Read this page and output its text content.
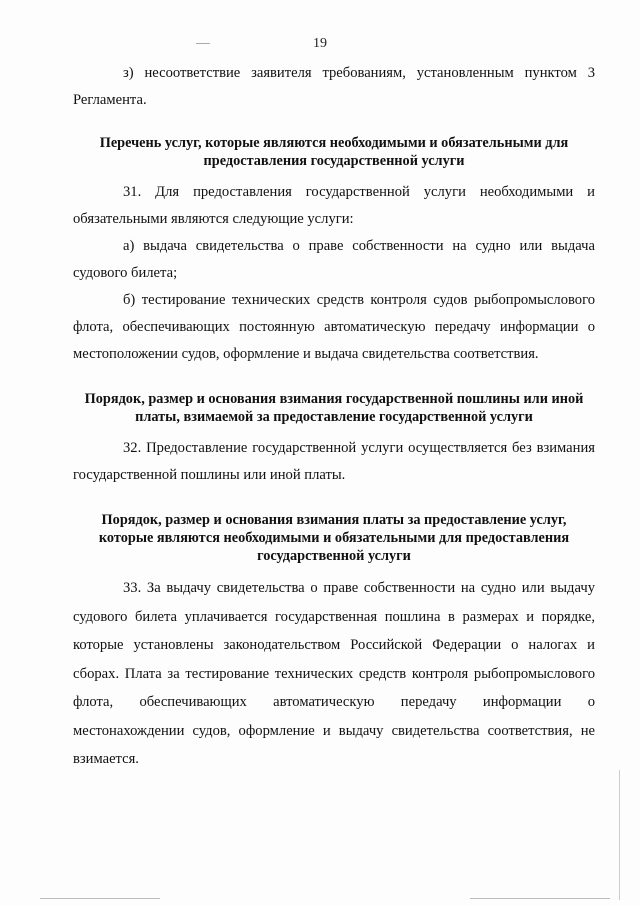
19

з) несоответствие заявителя требованиям, установленным пунктом 3 Регламента.

Перечень услуг, которые являются необходимыми и обязательными для предоставления государственной услуги

31. Для предоставления государственной услуги необходимыми и обязательными являются следующие услуги:

а) выдача свидетельства о праве собственности на судно или выдача судового билета;

б) тестирование технических средств контроля судов рыбопромыслового флота, обеспечивающих постоянную автоматическую передачу информации о местоположении судов, оформление и выдача свидетельства соответствия.

Порядок, размер и основания взимания государственной пошлины или иной платы, взимаемой за предоставление государственной услуги

32. Предоставление государственной услуги осуществляется без взимания государственной пошлины или иной платы.

Порядок, размер и основания взимания платы за предоставление услуг, которые являются необходимыми и обязательными для предоставления государственной услуги

33. За выдачу свидетельства о праве собственности на судно или выдачу судового билета уплачивается государственная пошлина в размерах и порядке, которые установлены законодательством Российской Федерации о налогах и сборах. Плата за тестирование технических средств контроля рыбопромыслового флота, обеспечивающих автоматическую передачу информации о местонахождении судов, оформление и выдачу свидетельства соответствия, не взимается.
